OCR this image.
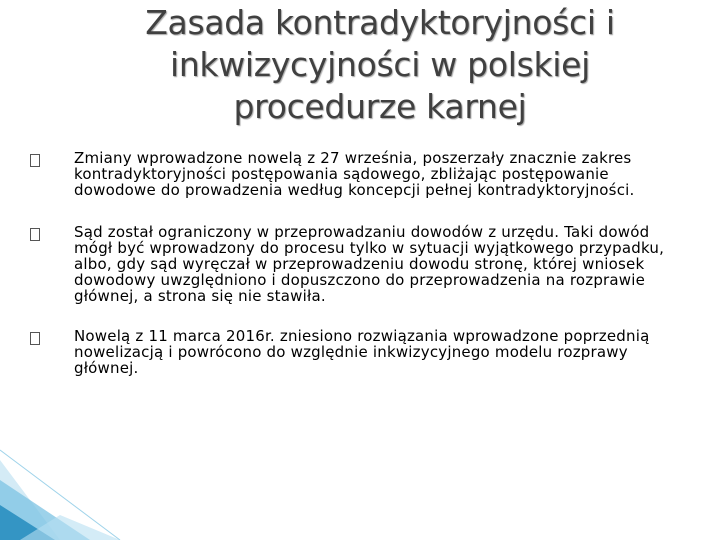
Zasada kontradyktoryjności i
inkwizycyjności w polskiej
procedurze karnej
Zmiany wprowadzone nowelą z 27 września, poszerzały znacznie zakres kontradyktoryjności postępowania sądowego, zbliżając postępowanie dowodowe do prowadzenia według koncepcji pełnej kontradyktoryjności.
Sąd został ograniczony w przeprowadzaniu dowodów z urzędu. Taki dowód mógł być wprowadzony do procesu tylko w sytuacji wyjątkowego przypadku, albo, gdy sąd wyręczał w przeprowadzeniu dowodu stronę, której wniosek dowodowy uwzględniono i dopuszczono do przeprowadzenia na rozprawie głównej, a strona się nie stawiła.
Nowelą z 11 marca 2016r. zniesiono rozwiązania wprowadzone poprzednią nowelizacją i powrócono do względnie inkwizycyjnego modelu rozprawy głównej.
